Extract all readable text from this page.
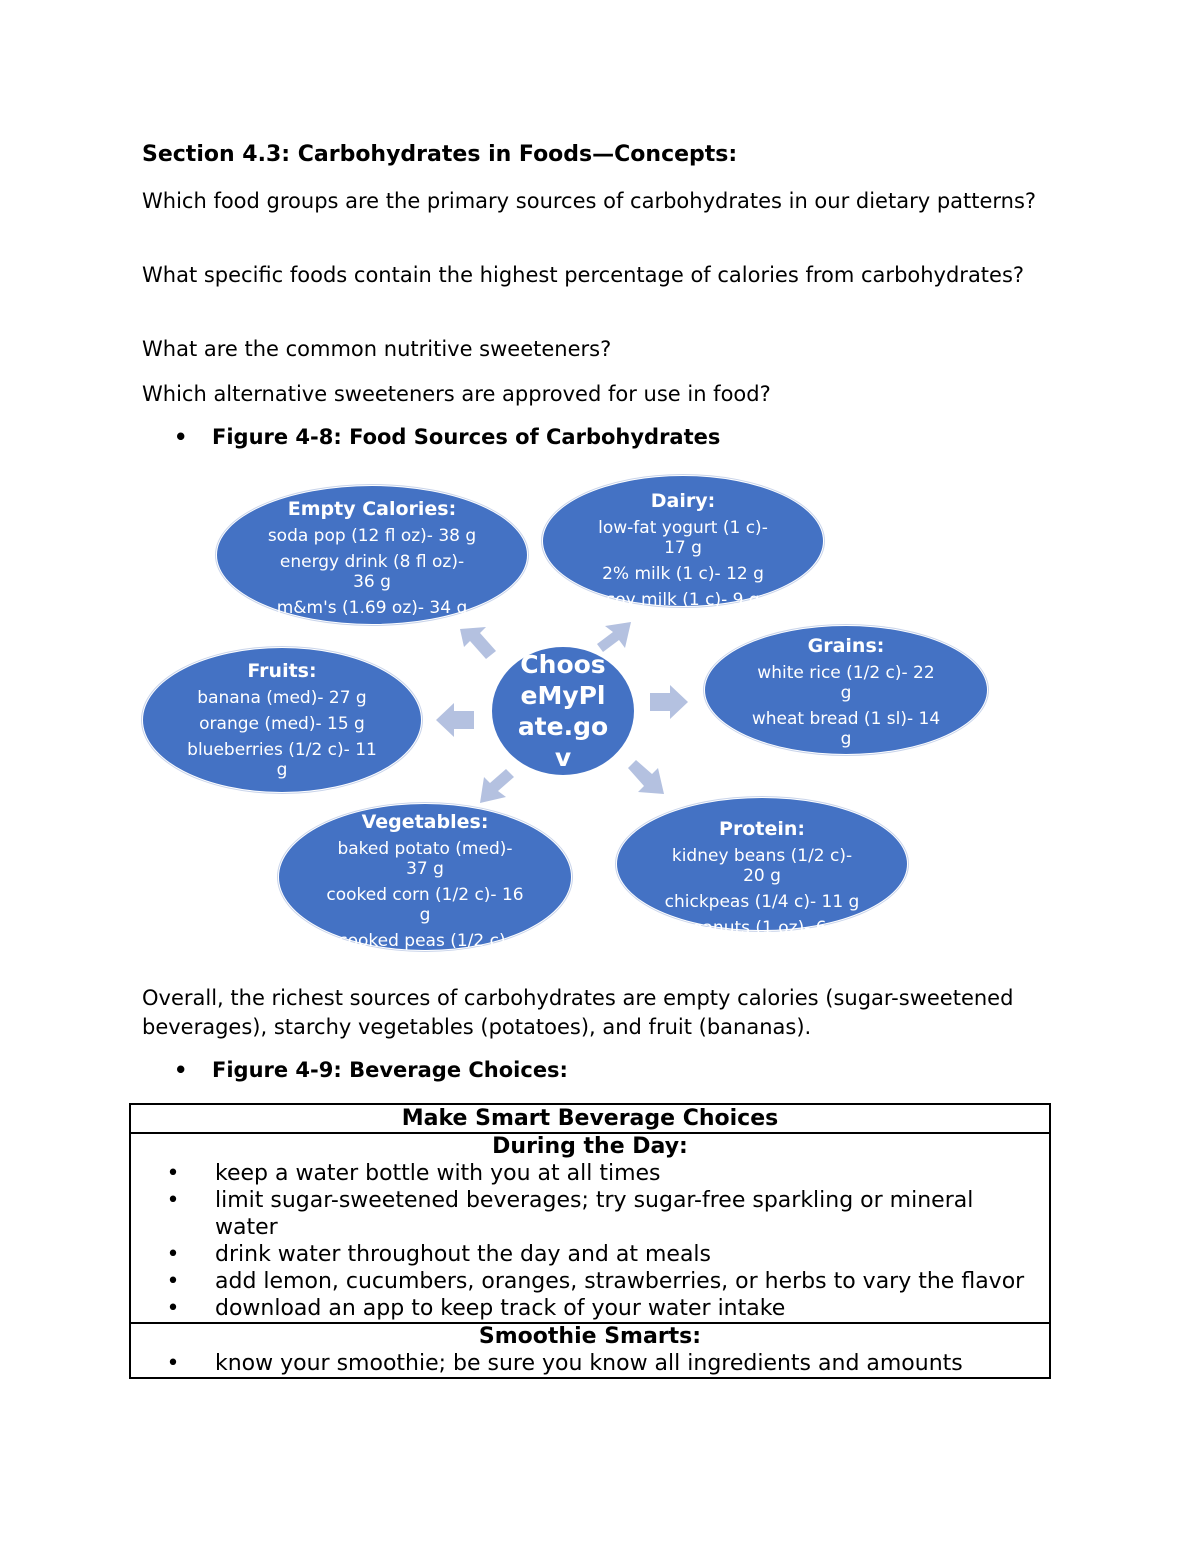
Section 4.3: Carbohydrates in Foods—Concepts:
Which food groups are the primary sources of carbohydrates in our dietary patterns?
What specific foods contain the highest percentage of calories from carbohydrates?
What are the common nutritive sweeteners?
Which alternative sweeteners are approved for use in food?
• Figure 4-8: Food Sources of Carbohydrates
ChooseMyPlate.gov
Empty Calories:
soda pop (12 fl oz)- 38 g
energy drink (8 fl oz)- 36 g
m&m's (1.69 oz)- 34 g
Dairy:
low-fat yogurt (1 c)- 17 g
2% milk (1 c)- 12 g
soy milk (1 c)- 9 g
Grains:
white rice (1/2 c)- 22 g
wheat bread (1 sl)- 14 g
pasta (1/2 c)- 19 g
Protein:
kidney beans (1/2 c)- 20 g
chickpeas (1/4 c)- 11 g
peanuts (1 oz)- 6 g
Vegetables:
baked potato (med)- 37 g
cooked corn (1/2 c)- 16 g
cooked peas (1/2 c)- 12 g
Fruits:
banana (med)- 27 g
orange (med)- 15 g
blueberries (1/2 c)- 11 g
Overall, the richest sources of carbohydrates are empty calories (sugar-sweetened beverages), starchy vegetables (potatoes), and fruit (bananas).
• Figure 4-9: Beverage Choices:
Make Smart Beverage Choices
During the Day:
•	keep a water bottle with you at all times
•	limit sugar-sweetened beverages; try sugar-free sparkling or mineral water
•	drink water throughout the day and at meals
•	add lemon, cucumbers, oranges, strawberries, or herbs to vary the flavor
•	download an app to keep track of your water intake
Smoothie Smarts:
•	know your smoothie; be sure you know all ingredients and amounts
